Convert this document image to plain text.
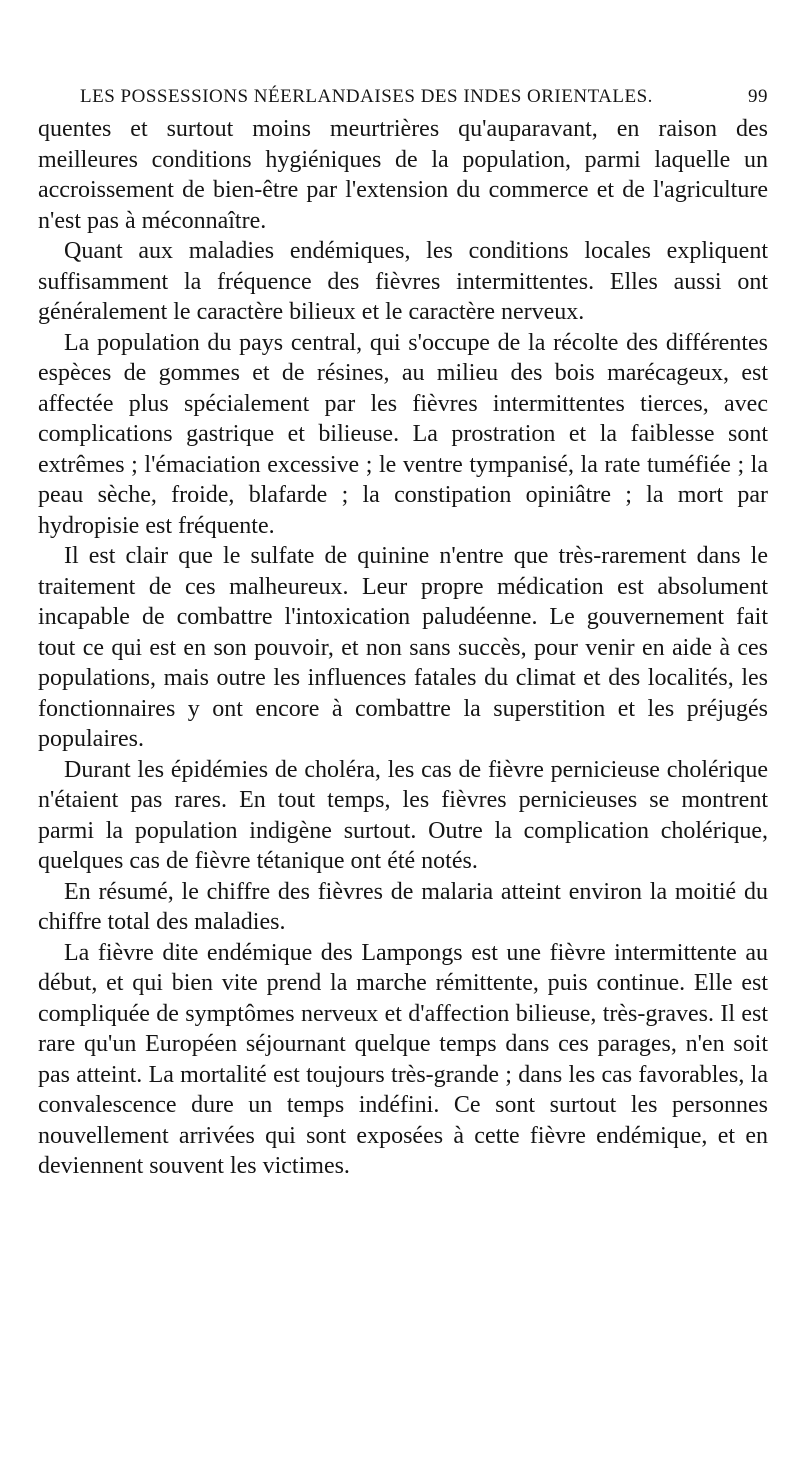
LES POSSESSIONS NÉERLANDAISES DES INDES ORIENTALES.	99

quentes et surtout moins meurtrières qu'auparavant, en raison des meilleures conditions hygiéniques de la population, parmi laquelle un accroissement de bien-être par l'extension du commerce et de l'agriculture n'est pas à méconnaître.

Quant aux maladies endémiques, les conditions locales expliquent suffisamment la fréquence des fièvres intermittentes. Elles aussi ont généralement le caractère bilieux et le caractère nerveux.

La population du pays central, qui s'occupe de la récolte des différentes espèces de gommes et de résines, au milieu des bois marécageux, est affectée plus spécialement par les fièvres intermittentes tierces, avec complications gastrique et bilieuse. La prostration et la faiblesse sont extrêmes ; l'émaciation excessive ; le ventre tympanisé, la rate tuméfiée ; la peau sèche, froide, blafarde ; la constipation opiniâtre ; la mort par hydropisie est fréquente.

Il est clair que le sulfate de quinine n'entre que très-rarement dans le traitement de ces malheureux. Leur propre médication est absolument incapable de combattre l'intoxication paludéenne. Le gouvernement fait tout ce qui est en son pouvoir, et non sans succès, pour venir en aide à ces populations, mais outre les influences fatales du climat et des localités, les fonctionnaires y ont encore à combattre la superstition et les préjugés populaires.

Durant les épidémies de choléra, les cas de fièvre pernicieuse cholérique n'étaient pas rares. En tout temps, les fièvres pernicieuses se montrent parmi la population indigène surtout. Outre la complication cholérique, quelques cas de fièvre tétanique ont été notés.

En résumé, le chiffre des fièvres de malaria atteint environ la moitié du chiffre total des maladies.

La fièvre dite endémique des Lampongs est une fièvre intermittente au début, et qui bien vite prend la marche rémittente, puis continue. Elle est compliquée de symptômes nerveux et d'affection bilieuse, très-graves. Il est rare qu'un Européen séjournant quelque temps dans ces parages, n'en soit pas atteint. La mortalité est toujours très-grande ; dans les cas favorables, la convalescence dure un temps indéfini. Ce sont surtout les personnes nouvellement arrivées qui sont exposées à cette fièvre endémique, et en deviennent souvent les victimes.
